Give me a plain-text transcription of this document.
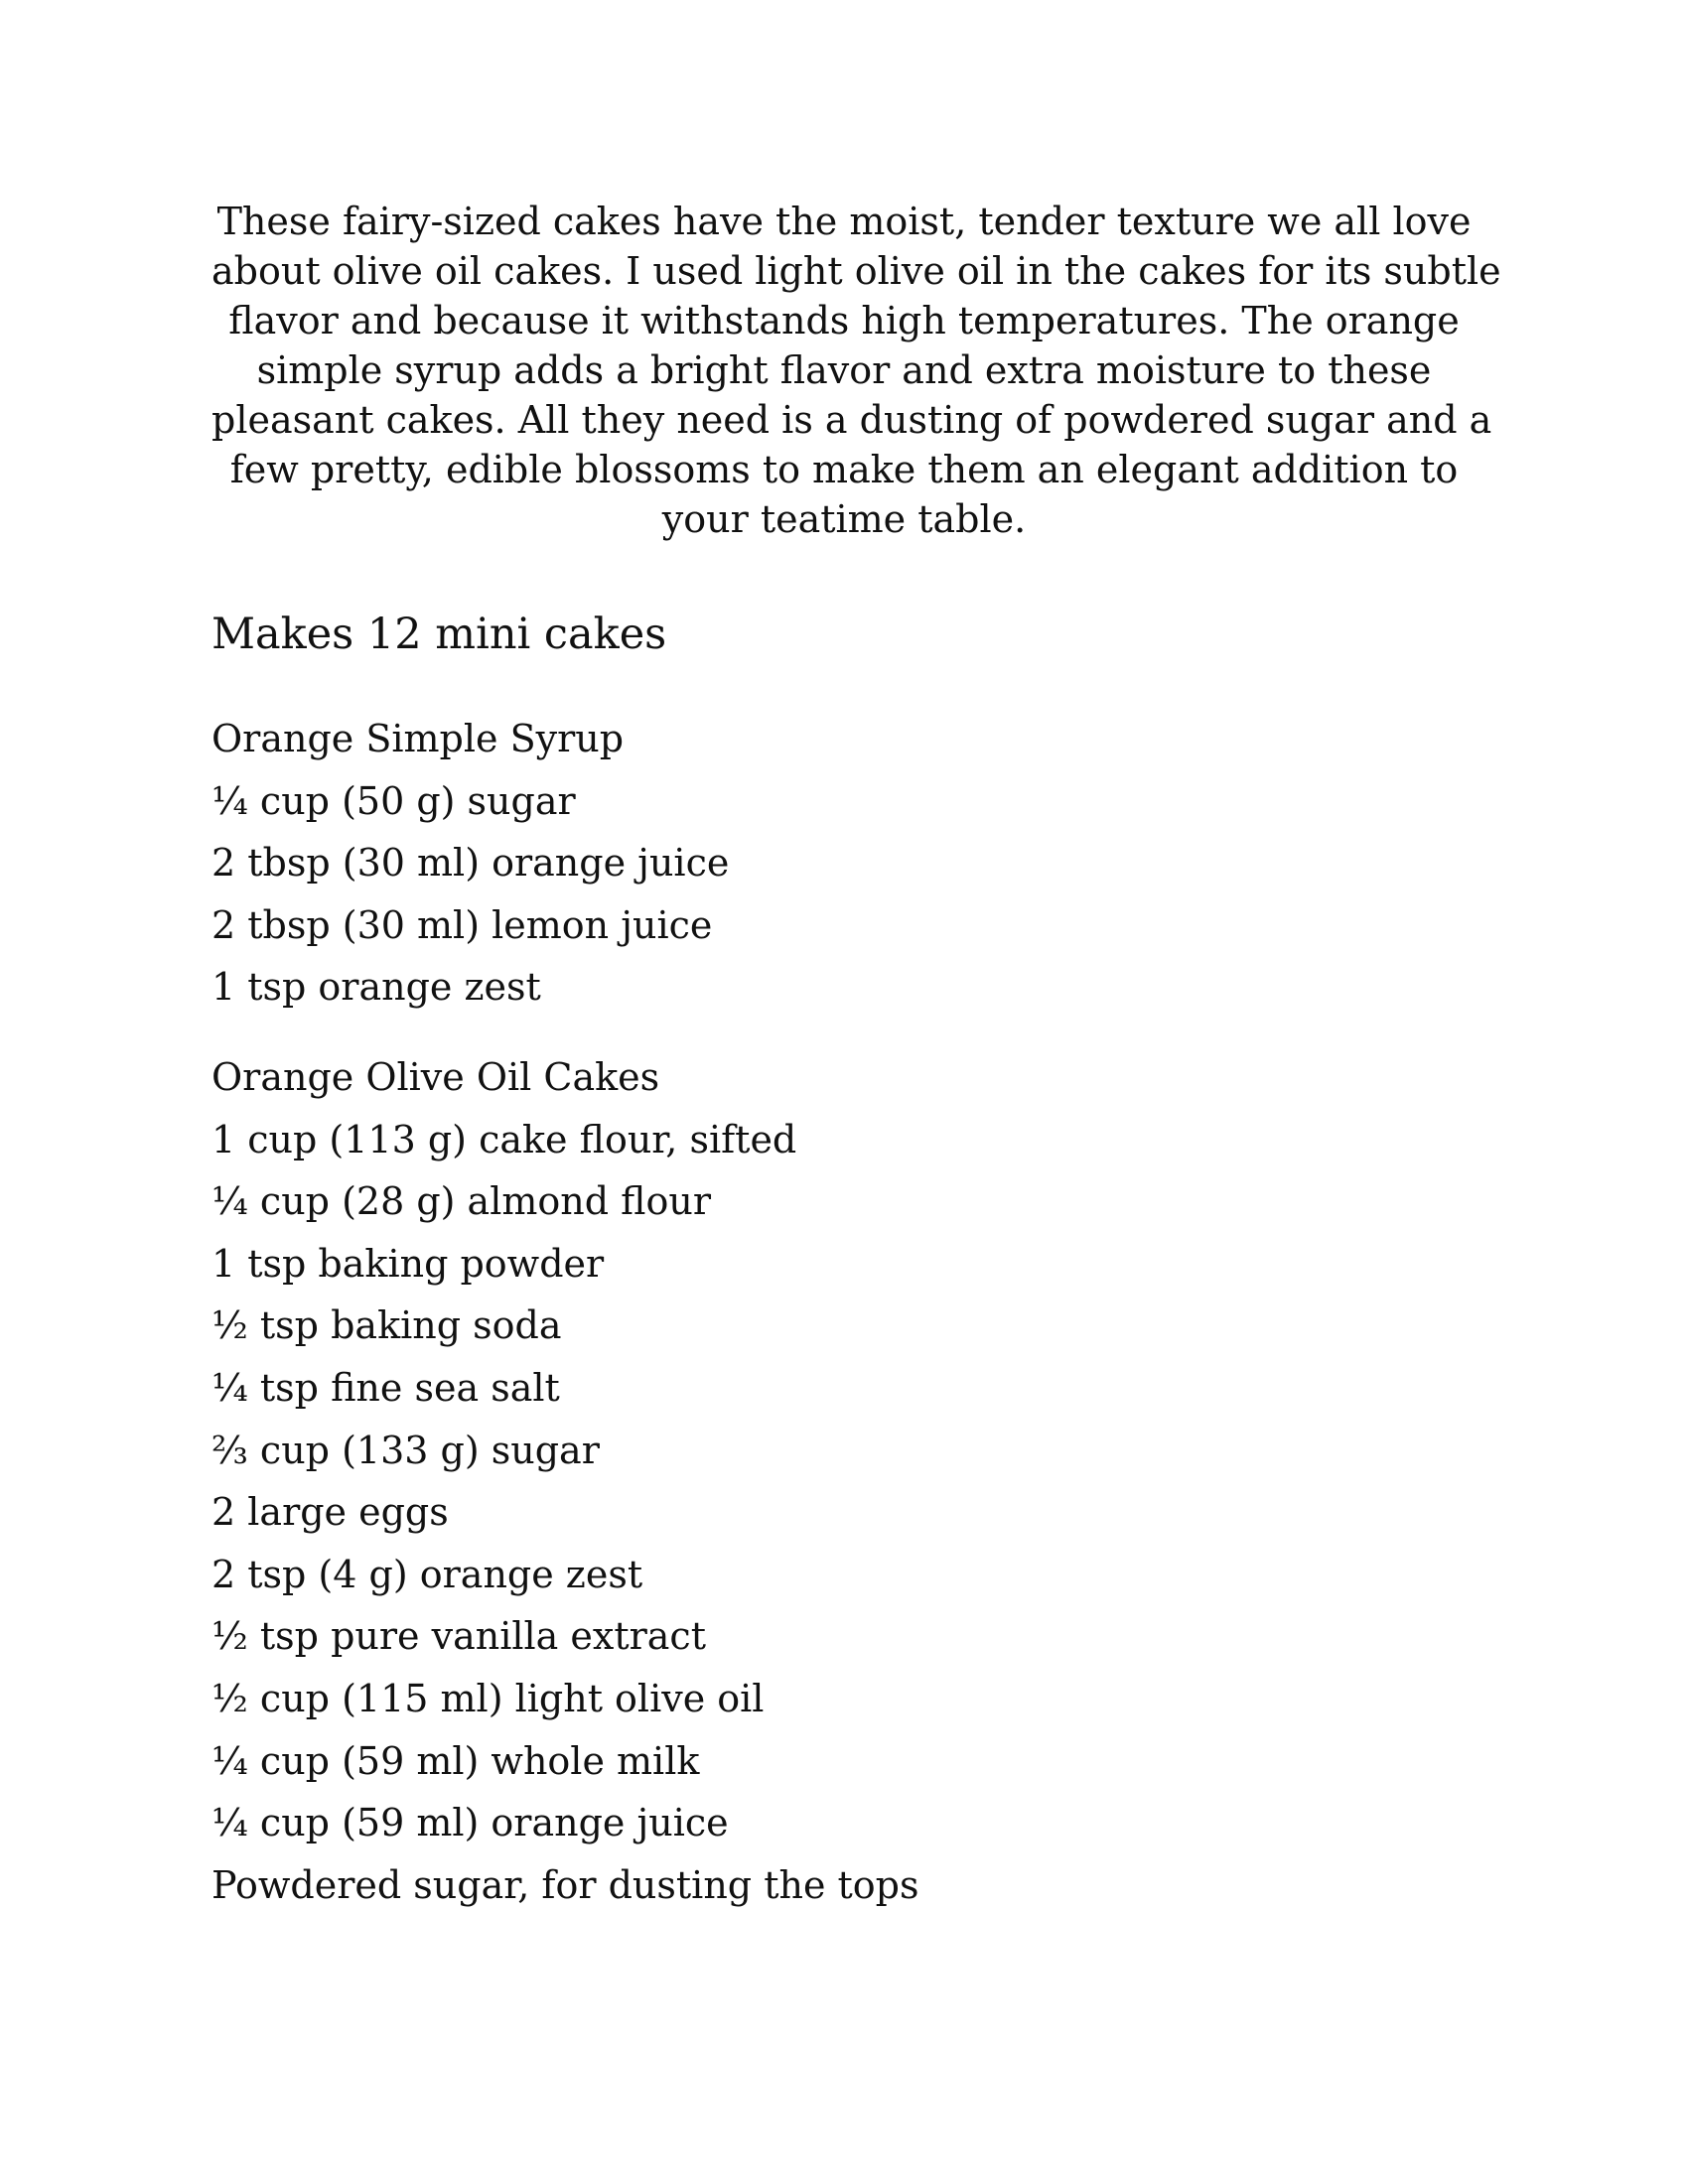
These fairy-sized cakes have the moist, tender texture we all love
about olive oil cakes. I used light olive oil in the cakes for its subtle
flavor and because it withstands high temperatures. The orange
simple syrup adds a bright flavor and extra moisture to these
pleasant cakes. All they need is a dusting of powdered sugar and a
few pretty, edible blossoms to make them an elegant addition to
your teatime table.

Makes 12 mini cakes
Orange Simple Syrup
¼ cup (50 g) sugar
2 tbsp (30 ml) orange juice
2 tbsp (30 ml) lemon juice
1 tsp orange zest
Orange Olive Oil Cakes
1 cup (113 g) cake flour, sifted
¼ cup (28 g) almond flour
1 tsp baking powder
½ tsp baking soda
¼ tsp fine sea salt
⅔ cup (133 g) sugar
2 large eggs
2 tsp (4 g) orange zest
½ tsp pure vanilla extract
½ cup (115 ml) light olive oil
¼ cup (59 ml) whole milk
¼ cup (59 ml) orange juice
Powdered sugar, for dusting the tops
